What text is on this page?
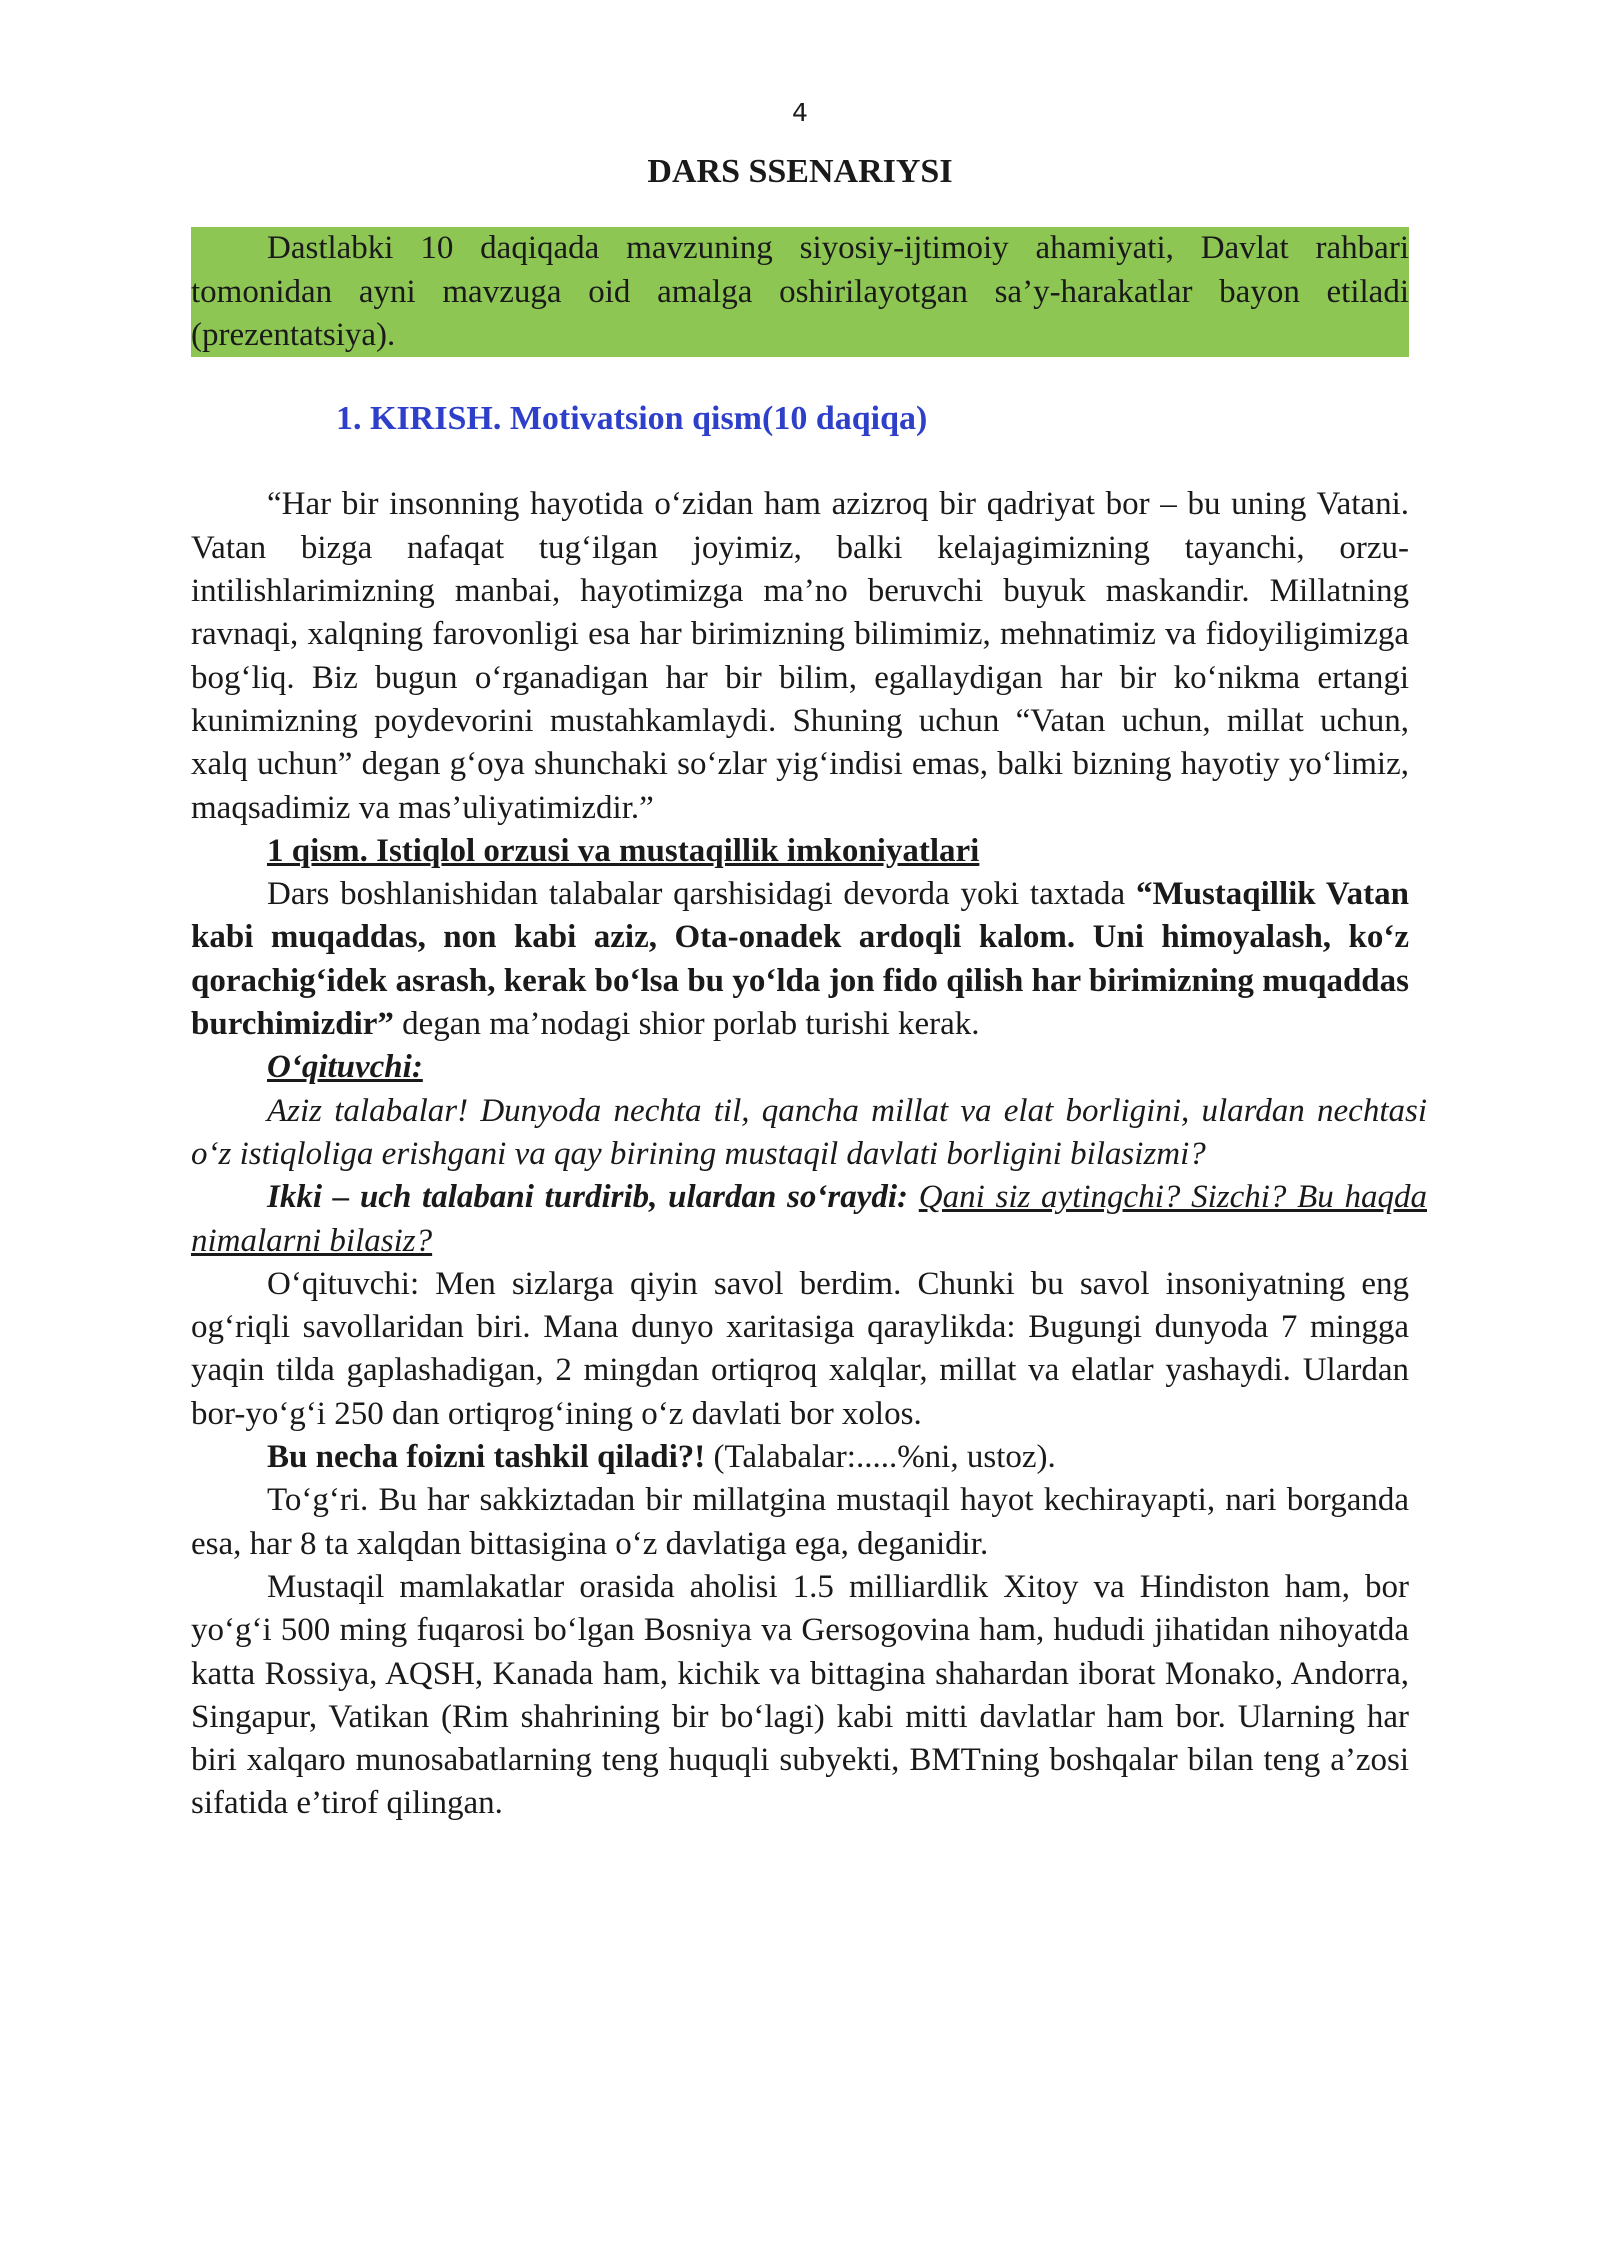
4
DARS SSENARIYSI

Dastlabki 10 daqiqada mavzuning siyosiy-ijtimoiy ahamiyati, Davlat rahbari tomonidan ayni mavzuga oid amalga oshirilayotgan sa’y-harakatlar bayon etiladi (prezentatsiya).

1. KIRISH. Motivatsion qism(10 daqiqa)

“Har bir insonning hayotida o‘zidan ham azizroq bir qadriyat bor – bu uning Vatani. Vatan bizga nafaqat tug‘ilgan joyimiz, balki kelajagimizning tayanchi, orzu-intilishlarimizning manbai, hayotimizga ma’no beruvchi buyuk maskandir. Millatning ravnaqi, xalqning farovonligi esa har birimizning bilimimiz, mehnatimiz va fidoyiligimizga bog‘liq. Biz bugun o‘rganadigan har bir bilim, egallaydigan har bir ko‘nikma ertangi kunimizning poydevorini mustahkamlaydi. Shuning uchun “Vatan uchun, millat uchun, xalq uchun” degan g‘oya shunchaki so‘zlar yig‘indisi emas, balki bizning hayotiy yo‘limiz, maqsadimiz va mas’uliyatimizdir.”

1 qism. Istiqlol orzusi va mustaqillik imkoniyatlari

Dars boshlanishidan talabalar qarshisidagi devorda yoki taxtada “Mustaqillik Vatan kabi muqaddas, non kabi aziz, Ota-onadek ardoqli kalom. Uni himoyalash, ko‘z qorachig‘idek asrash, kerak bo‘lsa bu yo‘lda jon fido qilish har birimizning muqaddas burchimizdir” degan ma’nodagi shior porlab turishi kerak.

O‘qituvchi:

Aziz talabalar! Dunyoda nechta til, qancha millat va elat borligini, ulardan nechtasi o‘z istiqloliga erishgani va qay birining mustaqil davlati borligini bilasizmi?

Ikki – uch talabani turdirib, ulardan so‘raydi: Qani siz aytingchi? Sizchi? Bu haqda nimalarni bilasiz?

O‘qituvchi: Men sizlarga qiyin savol berdim. Chunki bu savol insoniyatning eng og‘riqli savollaridan biri. Mana dunyo xaritasiga qaraylikda: Bugungi dunyoda 7 mingga yaqin tilda gaplashadigan, 2 mingdan ortiqroq xalqlar, millat va elatlar yashaydi. Ulardan bor-yo‘g‘i 250 dan ortiqrog‘ining o‘z davlati bor xolos.

Bu necha foizni tashkil qiladi?! (Talabalar:.....%ni, ustoz).

To‘g‘ri. Bu har sakkiztadan bir millatgina mustaqil hayot kechirayapti, nari borganda esa, har 8 ta xalqdan bittasigina o‘z davlatiga ega, deganidir.

Mustaqil mamlakatlar orasida aholisi 1.5 milliardlik Xitoy va Hindiston ham, bor yo‘g‘i 500 ming fuqarosi bo‘lgan Bosniya va Gersogovina ham, hududi jihatidan nihoyatda katta Rossiya, AQSH, Kanada ham, kichik va bittagina shahardan iborat Monako, Andorra, Singapur, Vatikan (Rim shahrining bir bo‘lagi) kabi mitti davlatlar ham bor. Ularning har biri xalqaro munosabatlarning teng huquqli subyekti, BMTning boshqalar bilan teng a’zosi sifatida e’tirof qilingan.
